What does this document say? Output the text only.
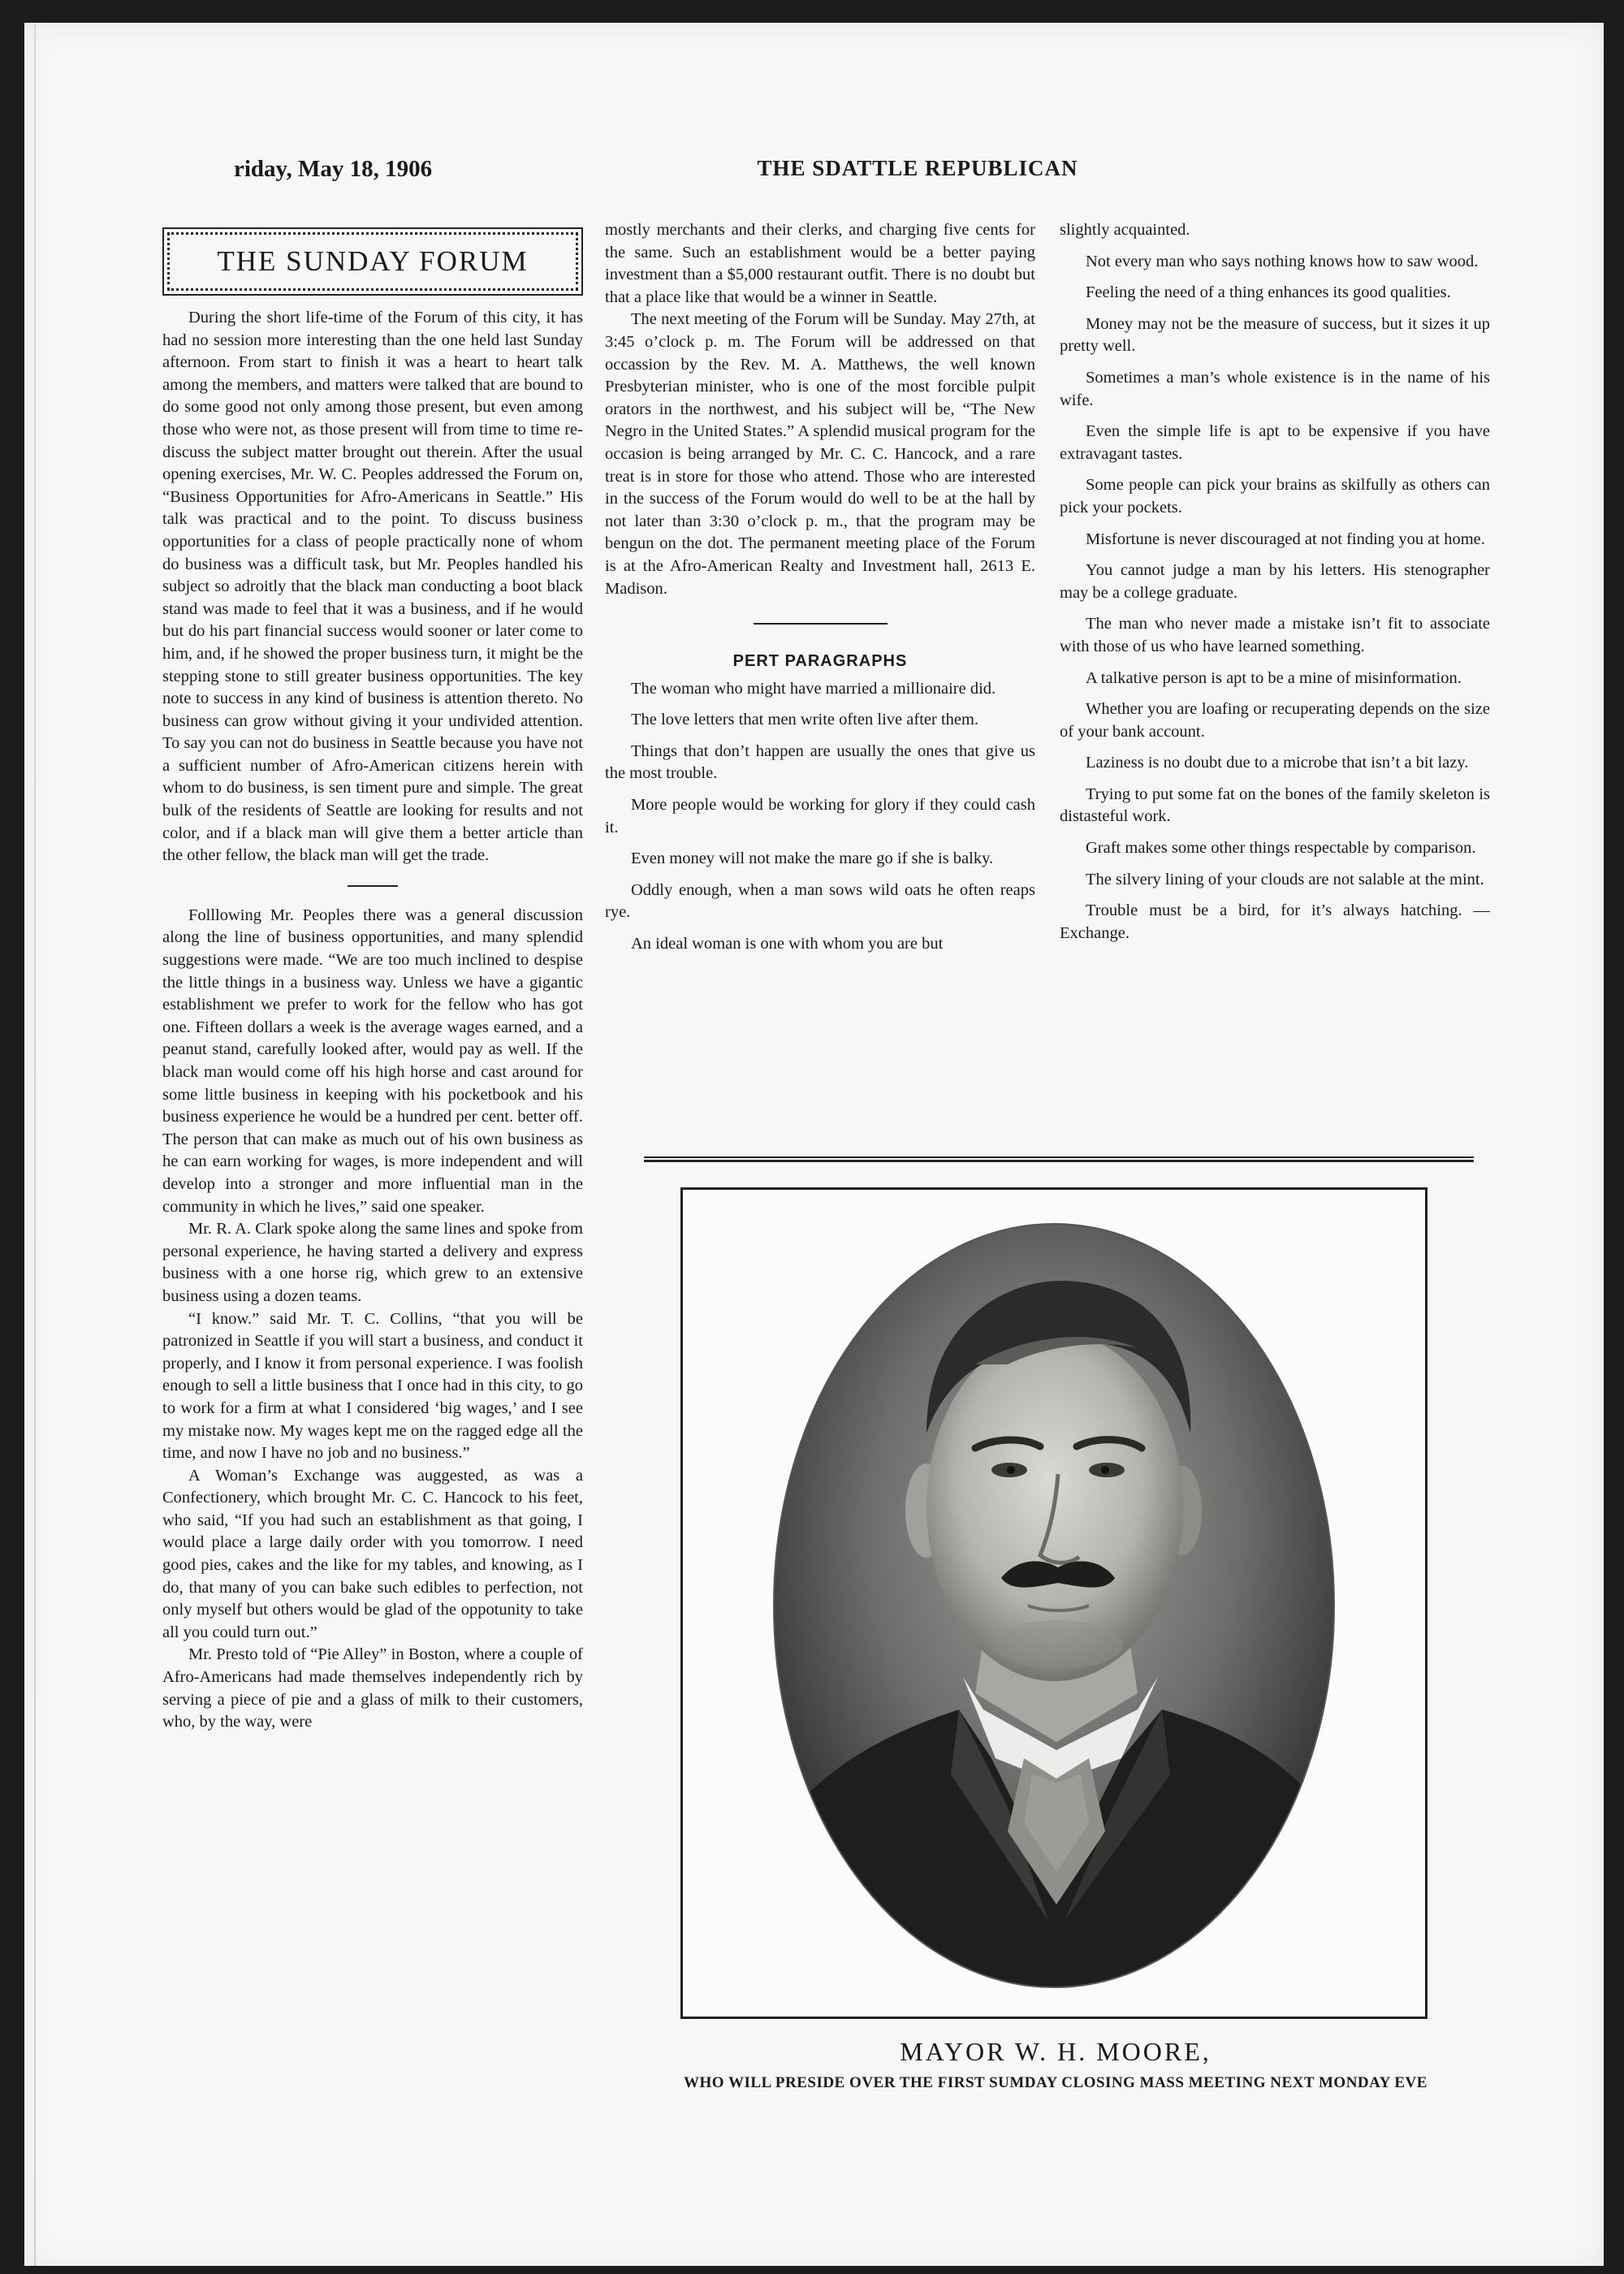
​
riday, May 18, 1906	THE SDATTLE REPUBLICAN
THE SUNDAY FORUM

During the short life-time of the Forum of this city, it has had no session more interesting than the one held last Sunday afternoon. From start to finish it was a heart to heart talk among the members, and matters were talked that are bound to do some good not only among those present, but even among those who were not, as those present will from time to time re-discuss the subject matter brought out therein. After the usual opening exercises, Mr. W. C. Peoples addressed the Forum on, “Business Opportunities for Afro-Americans in Seattle.” His talk was practical and to the point. To discuss business opportunities for a class of people practically none of whom do business was a difficult task, but Mr. Peoples handled his subject so adroitly that the black man conducting a boot black stand was made to feel that it was a business, and if he would but do his part financial success would sooner or later come to him, and, if he showed the proper business turn, it might be the stepping stone to still greater business opportunities. The key note to success in any kind of business is attention thereto. No business can grow without giving it your undivided attention. To say you can not do business in Seattle because you have not a sufficient number of Afro-American citizens herein with whom to do business, is sen timent pure and simple. The great bulk of the residents of Seattle are looking for results and not color, and if a black man will give them a better article than the other fellow, the black man will get the trade.

Folllowing Mr. Peoples there was a general discussion along the line of business opportunities, and many splendid suggestions were made. “We are too much inclined to despise the little things in a business way. Unless we have a gigantic establishment we prefer to work for the fellow who has got one. Fifteen dollars a week is the average wages earned, and a peanut stand, carefully looked after, would pay as well. If the black man would come off his high horse and cast around for some little business in keeping with his pocketbook and his business experience he would be a hundred per cent. better off. The person that can make as much out of his own business as he can earn working for wages, is more independent and will develop into a stronger and more influential man in the community in which he lives,” said one speaker.

Mr. R. A. Clark spoke along the same lines and spoke from personal experience, he having started a delivery and express business with a one horse rig, which grew to an extensive business using a dozen teams.

“I know.” said Mr. T. C. Collins, “that you will be patronized in Seattle if you will start a business, and conduct it properly, and I know it from personal experience. I was foolish enough to sell a little business that I once had in this city, to go to work for a firm at what I considered ‘big wages,’ and I see my mistake now. My wages kept me on the ragged edge all the time, and now I have no job and no business.”

A Woman’s Exchange was auggested, as was a Confectionery, which brought Mr. C. C. Hancock to his feet, who said, “If you had such an establishment as that going, I would place a large daily order with you tomorrow. I need good pies, cakes and the like for my tables, and knowing, as I do, that many of you can bake such edibles to perfection, not only myself but others would be glad of the oppotunity to take all you could turn out.”

Mr. Presto told of “Pie Alley” in Boston, where a couple of Afro-Americans had made themselves independently rich by serving a piece of pie and a glass of milk to their customers, who, by the way, were

mostly merchants and their clerks, and charging five cents for the same. Such an establishment would be a better paying investment than a $5,000 restaurant outfit. There is no doubt but that a place like that would be a winner in Seattle.

The next meeting of the Forum will be Sunday. May 27th, at 3:45 o’clock p. m. The Forum will be addressed on that occassion by the Rev. M. A. Matthews, the well known Presbyterian minister, who is one of the most forcible pulpit orators in the northwest, and his subject will be, “The New Negro in the United States.” A splendid musical program for the occasion is being arranged by Mr. C. C. Hancock, and a rare treat is in store for those who attend. Those who are interested in the success of the Forum would do well to be at the hall by not later than 3:30 o’clock p. m., that the program may be bengun on the dot. The permanent meeting place of the Forum is at the Afro-American Realty and Investment hall, 2613 E. Madison.

PERT PARAGRAPHS

The woman who might have married a millionaire did.

The love letters that men write often live after them.

Things that don’t happen are usually the ones that give us the most trouble.

More people would be working for glory if they could cash it.

Even money will not make the mare go if she is balky.

Oddly enough, when a man sows wild oats he often reaps rye.

An ideal woman is one with whom you are but

slightly acquainted.

Not every man who says nothing knows how to saw wood.

Feeling the need of a thing enhances its good qualities.

Money may not be the measure of success, but it sizes it up pretty well.

Sometimes a man’s whole existence is in the name of his wife.

Even the simple life is apt to be expensive if you have extravagant tastes.

Some people can pick your brains as skilfully as others can pick your pockets.

Misfortune is never discouraged at not finding you at home.

You cannot judge a man by his letters. His stenographer may be a college graduate.

The man who never made a mistake isn’t fit to associate with those of us who have learned something.

A talkative person is apt to be a mine of misinformation.

Whether you are loafing or recuperating depends on the size of your bank account.

Laziness is no doubt due to a microbe that isn’t a bit lazy.

Trying to put some fat on the bones of the family skeleton is distasteful work.

Graft makes some other things respectable by comparison.

The silvery lining of your clouds are not salable at the mint.

Trouble must be a bird, for it’s always hatching. —Exchange.

MAYOR W. H. MOORE,
WHO WILL PRESIDE OVER THE FIRST SUMDAY CLOSING MASS MEETING NEXT MONDAY EVE
